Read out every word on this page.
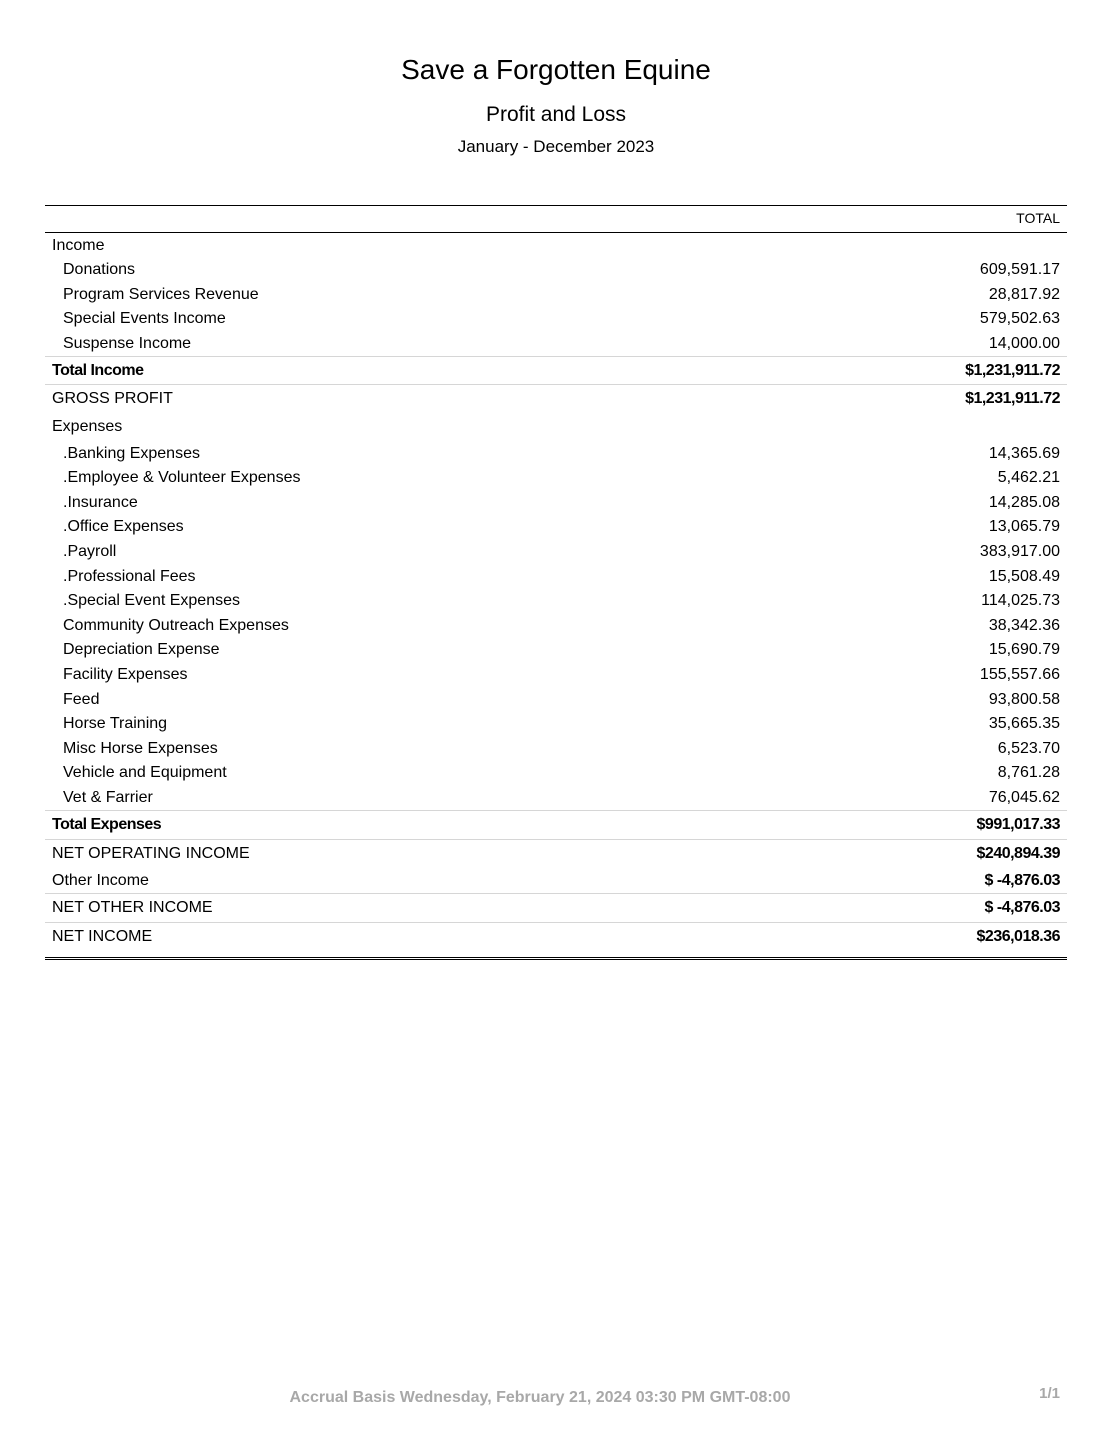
Save a Forgotten Equine
Profit and Loss
January - December 2023
TOTAL
Income
Donations	609,591.17
Program Services Revenue	28,817.92
Special Events Income	579,502.63
Suspense Income	14,000.00
Total Income	$1,231,911.72
GROSS PROFIT	$1,231,911.72
Expenses
.Banking Expenses	14,365.69
.Employee & Volunteer Expenses	5,462.21
.Insurance	14,285.08
.Office Expenses	13,065.79
.Payroll	383,917.00
.Professional Fees	15,508.49
.Special Event Expenses	114,025.73
Community Outreach Expenses	38,342.36
Depreciation Expense	15,690.79
Facility Expenses	155,557.66
Feed	93,800.58
Horse Training	35,665.35
Misc Horse Expenses	6,523.70
Vehicle and Equipment	8,761.28
Vet & Farrier	76,045.62
Total Expenses	$991,017.33
NET OPERATING INCOME	$240,894.39
Other Income	$ -4,876.03
NET OTHER INCOME	$ -4,876.03
NET INCOME	$236,018.36
Accrual Basis Wednesday, February 21, 2024 03:30 PM GMT-08:00	1/1
